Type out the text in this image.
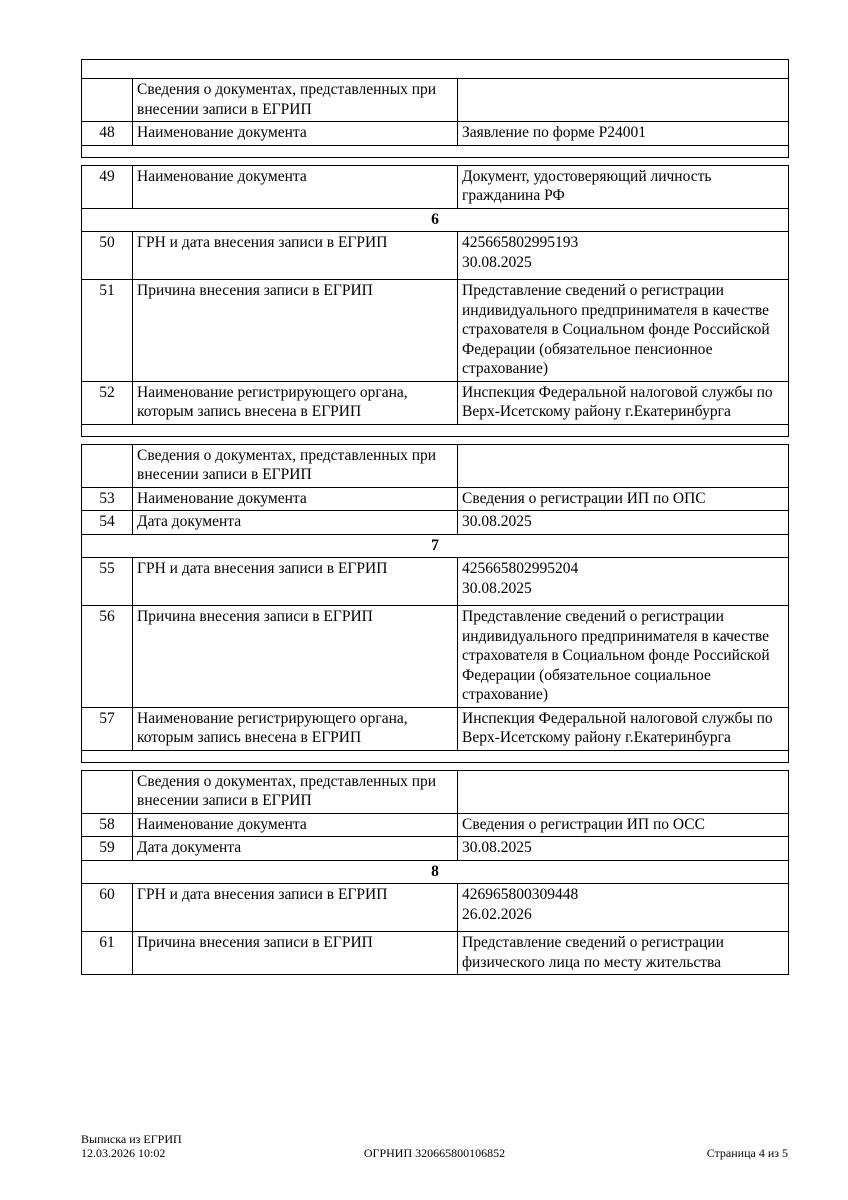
	Сведения о документах, представленных при внесении записи в ЕГРИП	
48	Наименование документа	Заявление по форме Р24001

49	Наименование документа	Документ, удостоверяющий личность гражданина РФ
6		
50	ГРН и дата внесения записи в ЕГРИП	425665802995193
30.08.2025

51	Причина внесения записи в ЕГРИП	Представление сведений о регистрации индивидуального предпринимателя в качестве страхователя в Социальном фонде Российской Федерации (обязательное пенсионное страхование)
52	Наименование регистрирующего органа, которым запись внесена в ЕГРИП	Инспекция Федеральной налоговой службы по Верх-Исетскому району г.Екатеринбурга

	Сведения о документах, представленных при внесении записи в ЕГРИП	
53	Наименование документа	Сведения о регистрации ИП по ОПС
54	Дата документа	30.08.2025
7		
55	ГРН и дата внесения записи в ЕГРИП	425665802995204
30.08.2025

56	Причина внесения записи в ЕГРИП	Представление сведений о регистрации индивидуального предпринимателя в качестве страхователя в Социальном фонде Российской Федерации (обязательное социальное страхование)
57	Наименование регистрирующего органа, которым запись внесена в ЕГРИП	Инспекция Федеральной налоговой службы по Верх-Исетскому району г.Екатеринбурга

	Сведения о документах, представленных при внесении записи в ЕГРИП	
58	Наименование документа	Сведения о регистрации ИП по ОСС
59	Дата документа	30.08.2025
8		
60	ГРН и дата внесения записи в ЕГРИП	426965800309448
26.02.2026

61	Причина внесения записи в ЕГРИП	Представление сведений о регистрации физического лица по месту жительства
Выписка из ЕГРИП
12.03.2026 10:02	ОГРНИП 320665800106852	Страница 4 из 5
